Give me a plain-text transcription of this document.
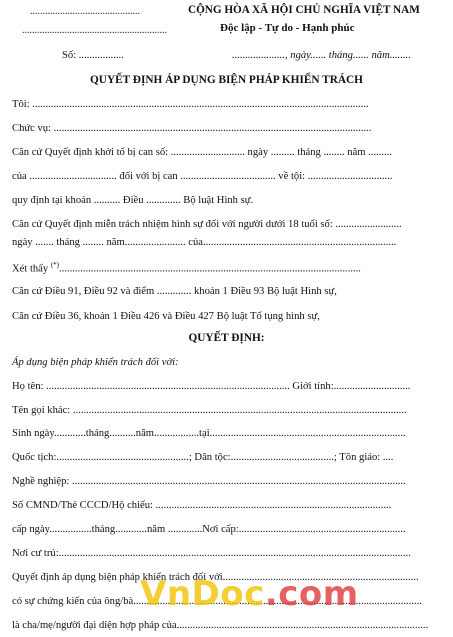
............................................
..........................................................
CỘNG HÒA XÃ HỘI CHỦ NGHĨA VIỆT NAM
Độc lập - Tự do - Hạnh phúc
Số: .................	...................., ngày...... tháng...... năm........
QUYẾT ĐỊNH ÁP DỤNG BIỆN PHÁP KHIỂN TRÁCH
Tôi: ...............................................................................................................................
Chức vụ: ........................................................................................................................
Căn cứ Quyết định khởi tố bị can số: ............................ ngày ......... tháng ........ năm .........
của ................................. đối với bị can .................................... về tội: ................................
quy định tại khoản .......... Điều ............. Bộ luật Hình sự.
Căn cứ Quyết định miễn trách nhiệm hình sự đối với người dưới 18 tuổi số: .........................
ngày ....... tháng ........ năm....................... của.........................................................................
Xét thấy (*)..................................................................................................................
Căn cứ Điều 91, Điều 92 và điểm ............. khoản 1 Điều 93 Bộ luật Hình sự,
Căn cứ Điều 36, khoản 1 Điều 426 và Điều 427 Bộ luật Tố tụng hình sự,
QUYẾT ĐỊNH:
Áp dụng biện pháp khiển trách đối với:
Họ tên: ............................................................................................ Giới tính:.............................
Tên gọi khác: ..............................................................................................................................
Sinh ngày............tháng..........năm.................tại..........................................................................
Quốc tịch:..................................................; Dân tộc:.......................................; Tôn giáo: ....
Nghề nghiệp: ..............................................................................................................................
Số CMND/Thẻ CCCD/Hộ chiếu: .........................................................................................
cấp ngày................tháng............năm .............Nơi cấp:...............................................................
Nơi cư trú:.....................................................................................................................................
Quyết định áp dụng biện pháp khiển trách đối với..........................................................................
có sự chứng kiến của ông/bà.............................................................................................................
là cha/mẹ/người đại diện hợp pháp của...............................................................................................
VnDoc.com
